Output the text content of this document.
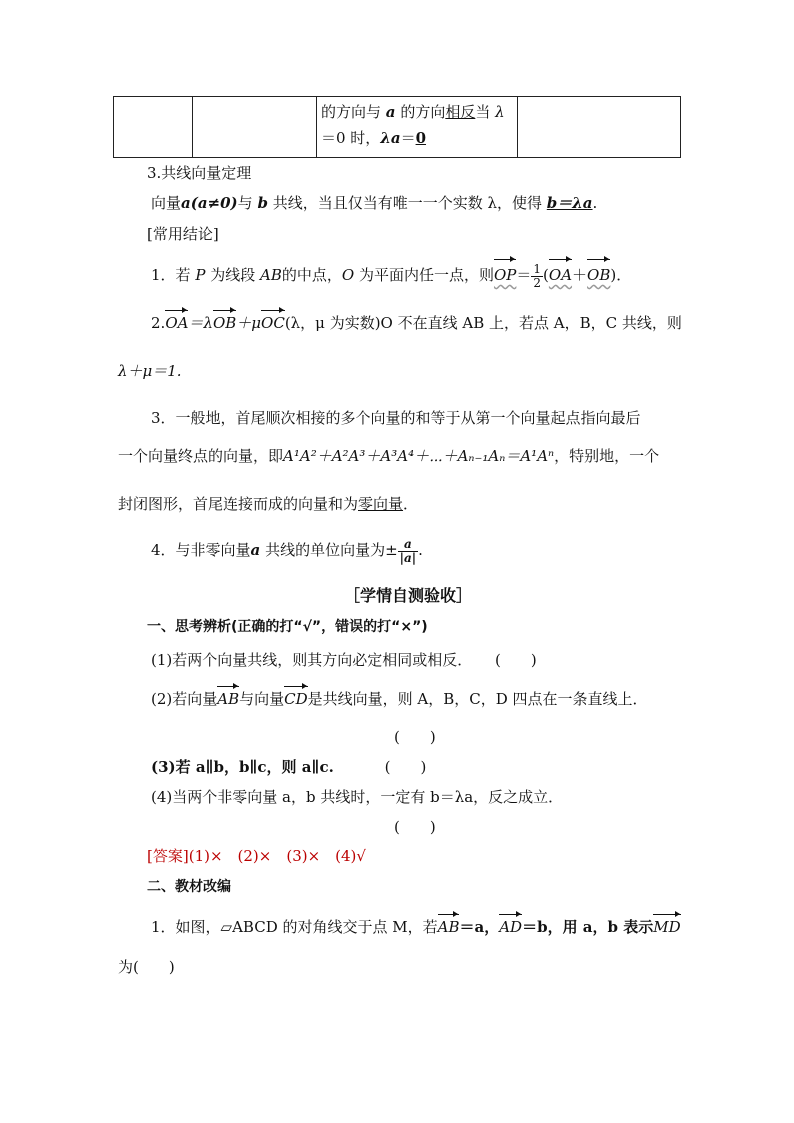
的方向与 a 的方向相反当 λ
＝0 时，λa＝0

3.共线向量定理
向量a(a≠0)与 b 共线，当且仅当有唯一一个实数 λ，使得 b＝λa.
[常用结论]
1．若 P 为线段 AB的中点，O 为平面内任一点，则$OP= \frac{1}{2} (OA+OB)$．
2.OA＝λOB＋μOC(λ，μ 为实数)O 不在直线 AB 上，若点 A，B，C 共线，则
λ＋μ＝1.
3．一般地，首尾顺次相接的多个向量的和等于从第一个向量起点指向最后
一个向量终点的向量，即A¹A²＋A²A³＋A³A⁴＋⋯＋Aₙ₋₁Aₙ＝A¹Aⁿ，特别地，一个
封闭图形，首尾连接而成的向量和为零向量．
4．与非零向量a 共线的单位向量为± $\frac{a}{|a|}$ .
［ 学情自测验收 ］
一、思考辨析(正确的打“√”，错误的打“×”)
(1)若两个向量共线，则其方向必定相同或相反． (　　)
(2)若向量AB与向量CD是共线向量，则 A，B，C，D 四点在一条直线上．
(　　)
(3)若 a∥b，b∥c，则 a∥c.	(　　)
(4)当两个非零向量 a，b 共线时，一定有 b＝λa，反之成立．
(　　)
[答案](1)×　(2)×　(3)×　(4)√
二、教材改编
1．如图，▱ABCD 的对角线交于点 M，若AB＝a，AD＝b，用 a，b 表示MD
为(　　)
